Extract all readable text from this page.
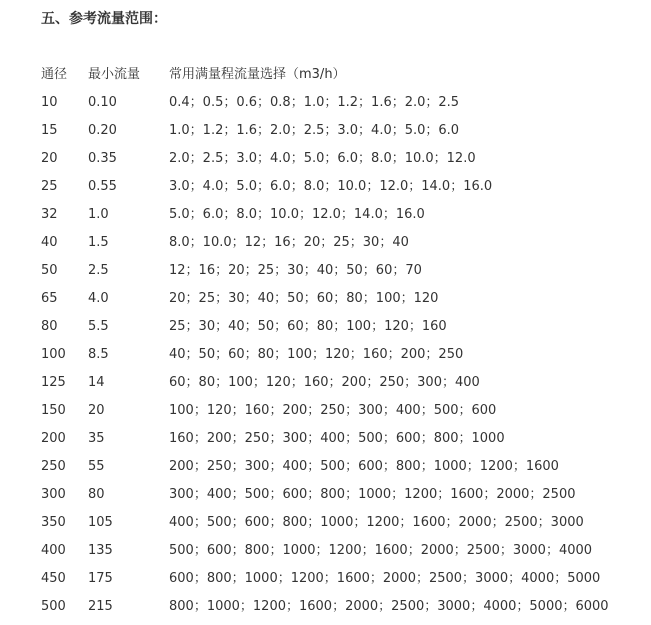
五、参考流量范围：
通径 最小流量 常用满量程流量选择（m3/h）
10 0.10	0.4；0.5；0.6；0.8；1.0；1.2；1.6；2.0；2.5
15 0.20	1.0；1.2；1.6；2.0；2.5；3.0；4.0；5.0；6.0
20 0.35	2.0；2.5；3.0；4.0；5.0；6.0；8.0；10.0；12.0
25 0.55	3.0；4.0；5.0；6.0；8.0；10.0；12.0；14.0；16.0
32 1.0	5.0；6.0；8.0；10.0；12.0；14.0；16.0
40 1.5	8.0；10.0；12；16；20；25；30；40
50 2.5	12；16；20；25；30；40；50；60；70
65 4.0	20；25；30；40；50；60；80；100；120
80 5.5	25；30；40；50；60；80；100；120；160
100 8.5	40；50；60；80；100；120；160；200；250
125 14	60；80；100；120；160；200；250；300；400
150 20	100；120；160；200；250；300；400；500；600
200 35	160；200；250；300；400；500；600；800；1000
250 55	200；250；300；400；500；600；800；1000；1200；1600
300 80	300；400；500；600；800；1000；1200；1600；2000；2500
350 105	400；500；600；800；1000；1200；1600；2000；2500；3000
400 135	500；600；800；1000；1200；1600；2000；2500；3000；4000
450 175	600；800；1000；1200；1600；2000；2500；3000；4000；5000
500 215	800；1000；1200；1600；2000；2500；3000；4000；5000；6000
